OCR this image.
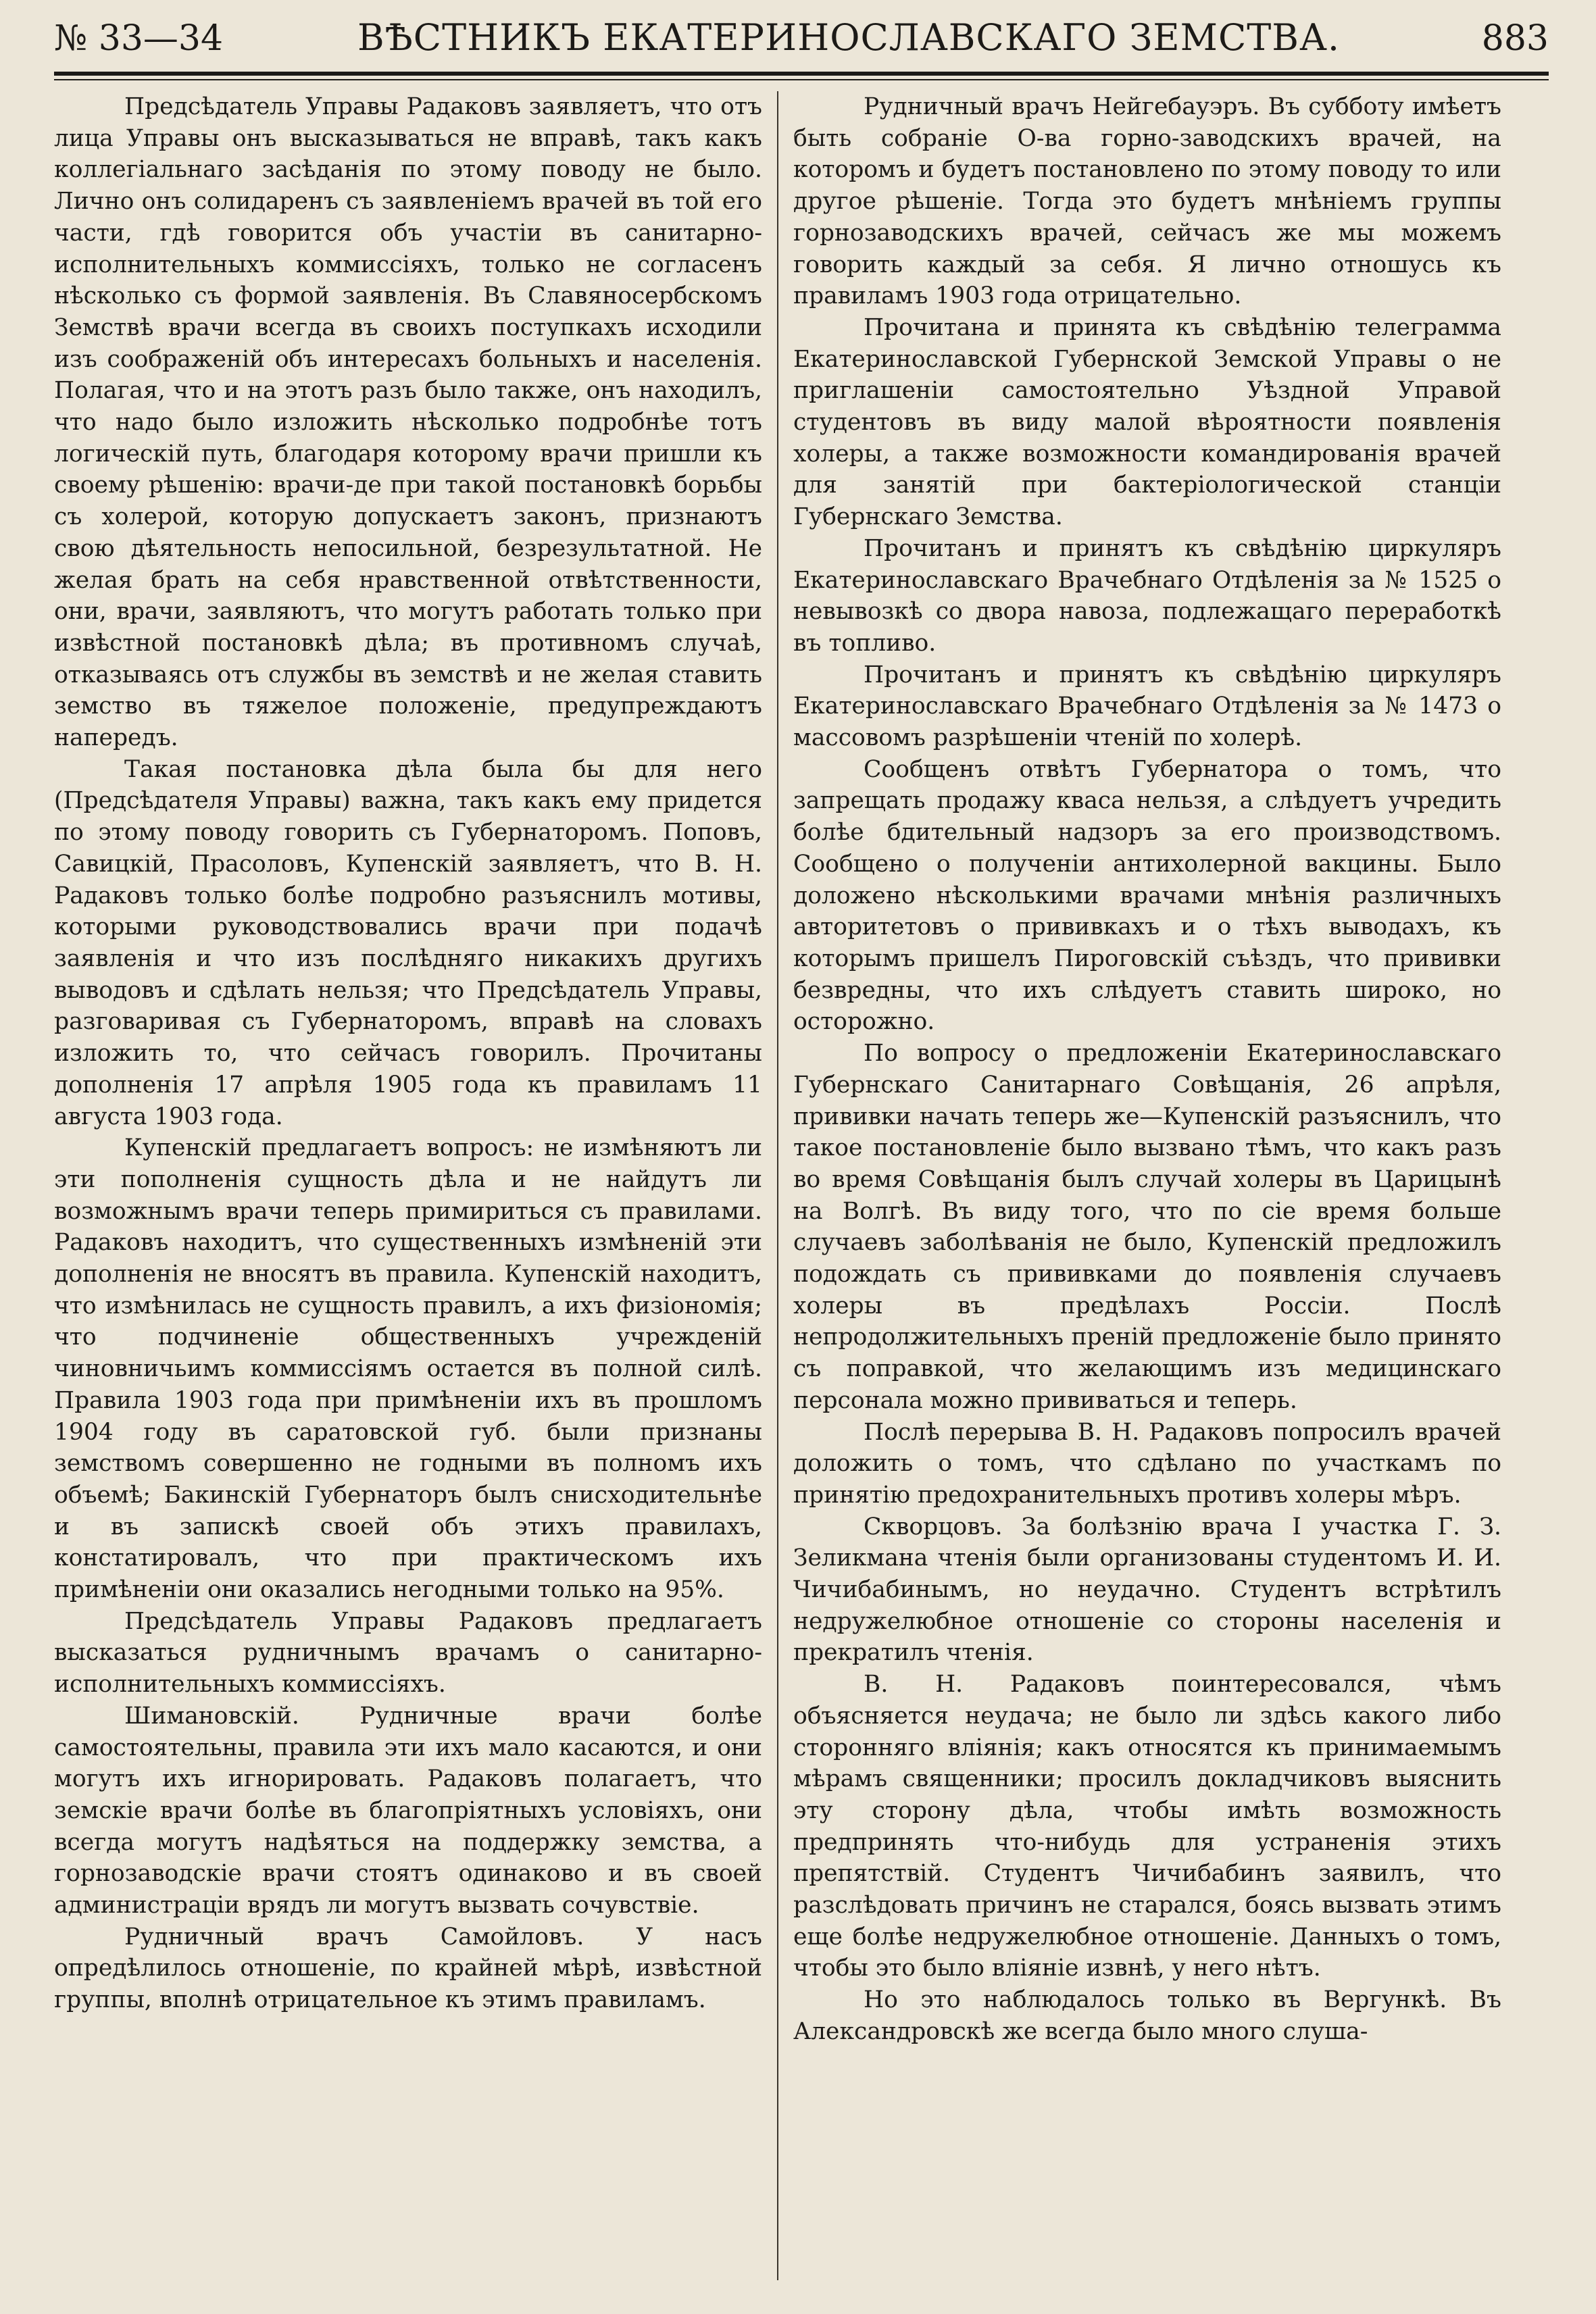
№ 33—34	ВѢСТНИКЪ ЕКАТЕРИНОСЛАВСКАГО ЗЕМСТВА.	883

Предсѣдатель Управы Радаковъ заявляетъ, что отъ лица Управы онъ высказываться не вправѣ, такъ какъ коллегіальнаго засѣданія по этому поводу не было. Лично онъ солидаренъ съ заявленіемъ врачей въ той его части, гдѣ говорится объ участіи въ санитарно-исполнительныхъ коммиссіяхъ, только не согласенъ нѣсколько съ формой заявленія. Въ Славяносербскомъ Земствѣ врачи всегда въ своихъ поступкахъ исходили изъ соображеній объ интересахъ больныхъ и населенія. Полагая, что и на этотъ разъ было также, онъ находилъ, что надо было изложить нѣсколько подробнѣе тотъ логическій путь, благодаря которому врачи пришли къ своему рѣшенію: врачи-де при такой постановкѣ борьбы съ холерой, которую допускаетъ законъ, признаютъ свою дѣятельность непосильной, безрезультатной. Не желая брать на себя нравственной отвѣтственности, они, врачи, заявляютъ, что могутъ работать только при извѣстной постановкѣ дѣла; въ противномъ случаѣ, отказываясь отъ службы въ земствѣ и не желая ставить земство въ тяжелое положеніе, предупреждаютъ напередъ.

Такая постановка дѣла была бы для него (Предсѣдателя Управы) важна, такъ какъ ему придется по этому поводу говорить съ Губернаторомъ. Поповъ, Савицкій, Прасоловъ, Купенскій заявляетъ, что В. Н. Радаковъ только болѣе подробно разъяснилъ мотивы, которыми руководствовались врачи при подачѣ заявленія и что изъ послѣдняго никакихъ другихъ выводовъ и сдѣлать нельзя; что Предсѣдатель Управы, разговаривая съ Губернаторомъ, вправѣ на словахъ изложить то, что сейчасъ говорилъ. Прочитаны дополненія 17 апрѣля 1905 года къ правиламъ 11 августа 1903 года.

Купенскій предлагаетъ вопросъ: не измѣняютъ ли эти пополненія сущность дѣла и не найдутъ ли возможнымъ врачи теперь примириться съ правилами. Радаковъ находитъ, что существенныхъ измѣненій эти дополненія не вносятъ въ правила. Купенскій находитъ, что измѣнилась не сущность правилъ, а ихъ физіономія; что подчиненіе общественныхъ учрежденій чиновничьимъ коммиссіямъ остается въ полной силѣ. Правила 1903 года при примѣненіи ихъ въ прошломъ 1904 году въ саратовской губ. были признаны земствомъ совершенно не годными въ полномъ ихъ объемѣ; Бакинскій Губернаторъ былъ снисходительнѣе и въ запискѣ своей объ этихъ правилахъ, констатировалъ, что при практическомъ ихъ примѣненіи они оказались негодными только на 95%.

Предсѣдатель Управы Радаковъ предлагаетъ высказаться рудничнымъ врачамъ о санитарно-исполнительныхъ коммиссіяхъ.

Шимановскій. Рудничные врачи болѣе самостоятельны, правила эти ихъ мало касаются, и они могутъ ихъ игнорировать. Радаковъ полагаетъ, что земскіе врачи болѣе въ благопріятныхъ условіяхъ, они всегда могутъ надѣяться на поддержку земства, а горнозаводскіе врачи стоятъ одинаково и въ своей администраціи врядъ ли могутъ вызвать сочувствіе.

Рудничный врачъ Самойловъ. У насъ опредѣлилось отношеніе, по крайней мѣрѣ, извѣстной группы, вполнѣ отрицательное къ этимъ правиламъ.

Рудничный врачъ Нейгебауэръ. Въ субботу имѣетъ быть собраніе О-ва горно-заводскихъ врачей, на которомъ и будетъ постановлено по этому поводу то или другое рѣшеніе. Тогда это будетъ мнѣніемъ группы горнозаводскихъ врачей, сейчасъ же мы можемъ говорить каждый за себя. Я лично отношусь къ правиламъ 1903 года отрицательно.

Прочитана и принята къ свѣдѣнію телеграмма Екатеринославской Губернской Земской Управы о не приглашеніи самостоятельно Уѣздной Управой студентовъ въ виду малой вѣроятности появленія холеры, а также возможности командированія врачей для занятій при бактеріологической станціи Губернскаго Земства.

Прочитанъ и принятъ къ свѣдѣнію циркуляръ Екатеринославскаго Врачебнаго Отдѣленія за № 1525 о невывозкѣ со двора навоза, подлежащаго переработкѣ въ топливо.

Прочитанъ и принятъ къ свѣдѣнію циркуляръ Екатеринославскаго Врачебнаго Отдѣленія за № 1473 о массовомъ разрѣшеніи чтеній по холерѣ.

Сообщенъ отвѣтъ Губернатора о томъ, что запрещать продажу кваса нельзя, а слѣдуетъ учредить болѣе бдительный надзоръ за его производствомъ. Сообщено о полученіи антихолерной вакцины. Было доложено нѣсколькими врачами мнѣнія различныхъ авторитетовъ о прививкахъ и о тѣхъ выводахъ, къ которымъ пришелъ Пироговскій съѣздъ, что прививки безвредны, что ихъ слѣдуетъ ставить широко, но осторожно.

По вопросу о предложеніи Екатеринославскаго Губернскаго Санитарнаго Совѣщанія, 26 апрѣля, прививки начать теперь же—Купенскій разъяснилъ, что такое постановленіе было вызвано тѣмъ, что какъ разъ во время Совѣщанія былъ случай холеры въ Царицынѣ на Волгѣ. Въ виду того, что по сіе время больше случаевъ заболѣванія не было, Купенскій предложилъ подождать съ прививками до появленія случаевъ холеры въ предѣлахъ Россіи. Послѣ непродолжительныхъ преній предложеніе было принято съ поправкой, что желающимъ изъ медицинскаго персонала можно прививаться и теперь.

Послѣ перерыва В. Н. Радаковъ попросилъ врачей доложить о томъ, что сдѣлано по участкамъ по принятію предохранительныхъ противъ холеры мѣръ.

Скворцовъ. За болѣзнію врача I участка Г. З. Зеликмана чтенія были организованы студентомъ И. И. Чичибабинымъ, но неудачно. Студентъ встрѣтилъ недружелюбное отношеніе со стороны населенія и прекратилъ чтенія.

В. Н. Радаковъ поинтересовался, чѣмъ объясняется неудача; не было ли здѣсь какого либо сторонняго вліянія; какъ относятся къ принимаемымъ мѣрамъ священники; просилъ докладчиковъ выяснить эту сторону дѣла, чтобы имѣть возможность предпринять что-нибудь для устраненія этихъ препятствій. Студентъ Чичибабинъ заявилъ, что разслѣдовать причинъ не старался, боясь вызвать этимъ еще болѣе недружелюбное отношеніе. Данныхъ о томъ, чтобы это было вліяніе извнѣ, у него нѣтъ.

Но это наблюдалось только въ Вергункѣ. Въ Александровскѣ же всегда было много слуша-
